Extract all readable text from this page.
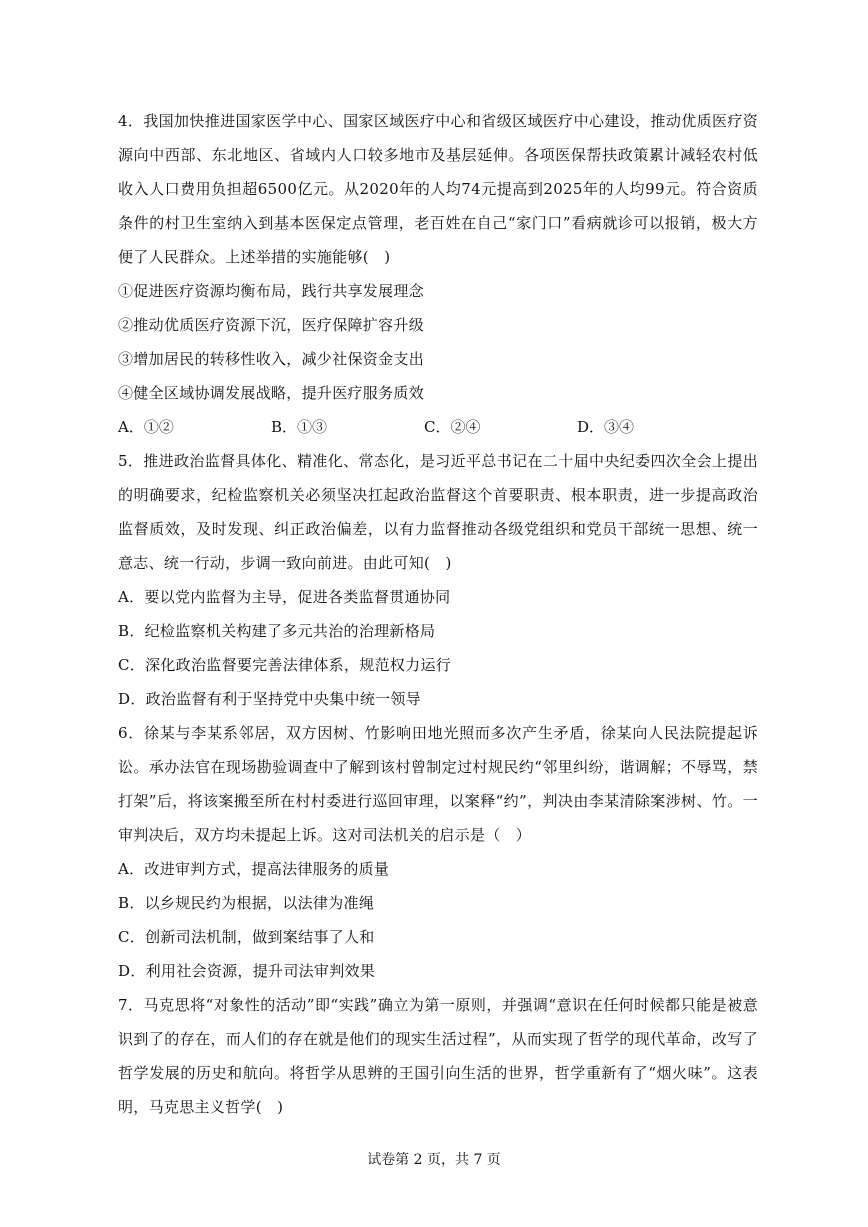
4．我国加快推进国家医学中心、国家区域医疗中心和省级区域医疗中心建设，推动优质医疗资源向中西部、东北地区、省域内人口较多地市及基层延伸。各项医保帮扶政策累计减轻农村低收入人口费用负担超6500亿元。从2020年的人均74元提高到2025年的人均99元。符合资质条件的村卫生室纳入到基本医保定点管理，老百姓在自己“家门口”看病就诊可以报销，极大方便了人民群众。上述举措的实施能够(　)

①促进医疗资源均衡布局，践行共享发展理念

②推动优质医疗资源下沉，医疗保障扩容升级

③增加居民的转移性收入，减少社保资金支出

④健全区域协调发展战略，提升医疗服务质效

A．①②	B．①③	C．②④	D．③④

5．推进政治监督具体化、精准化、常态化，是习近平总书记在二十届中央纪委四次全会上提出的明确要求，纪检监察机关必须坚决扛起政治监督这个首要职责、根本职责，进一步提高政治监督质效，及时发现、纠正政治偏差，以有力监督推动各级党组织和党员干部统一思想、统一意志、统一行动，步调一致向前进。由此可知(　)

A．要以党内监督为主导，促进各类监督贯通协同

B．纪检监察机关构建了多元共治的治理新格局

C．深化政治监督要完善法律体系，规范权力运行

D．政治监督有利于坚持党中央集中统一领导

6．徐某与李某系邻居，双方因树、竹影响田地光照而多次产生矛盾，徐某向人民法院提起诉讼。承办法官在现场勘验调查中了解到该村曾制定过村规民约“邻里纠纷，谐调解；不辱骂，禁打架”后，将该案搬至所在村村委进行巡回审理，以案释“约”，判决由李某清除案涉树、竹。一审判决后，双方均未提起上诉。这对司法机关的启示是（　）

A．改进审判方式，提高法律服务的质量

B．以乡规民约为根据，以法律为准绳

C．创新司法机制，做到案结事了人和

D．利用社会资源，提升司法审判效果

7．马克思将“对象性的活动”即“实践”确立为第一原则，并强调“意识在任何时候都只能是被意识到了的存在，而人们的存在就是他们的现实生活过程”，从而实现了哲学的现代革命，改写了哲学发展的历史和航向。将哲学从思辨的王国引向生活的世界，哲学重新有了“烟火味”。这表明，马克思主义哲学(　)

试卷第 2 页，共 7 页
